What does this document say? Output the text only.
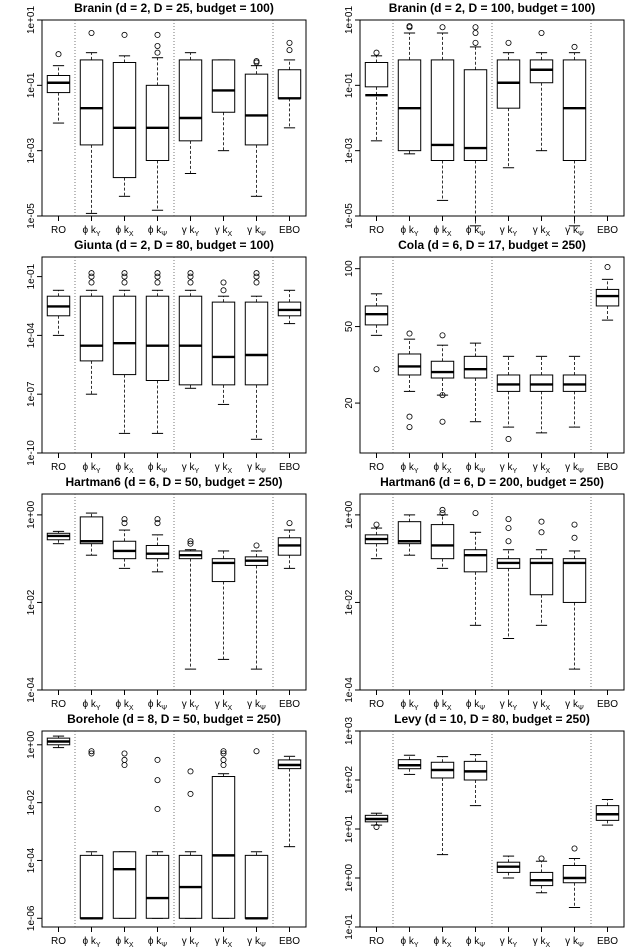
Branin (d = 2, D = 25, budget = 100)
1e-05
1e-03
1e-01
1e+01
RO ϕ $k_Y$ ϕ $k_X$ ϕ $k_\Psi$ γ $k_Y$ γ $k_X$ γ $k_\Psi$ EBO
Branin (d = 2, D = 100, budget = 100)
1e-05
1e-03
1e-01
1e+01
RO ϕ $k_Y$ ϕ $k_X$ ϕ $k_\Psi$ γ $k_Y$ γ $k_X$ γ $k_\Psi$ EBO
Giunta (d = 2, D = 80, budget = 100)
1e-10
1e-07
1e-04
1e-01
RO ϕ $k_Y$ ϕ $k_X$ ϕ $k_\Psi$ γ $k_Y$ γ $k_X$ γ $k_\Psi$ EBO
Cola (d = 6, D = 17, budget = 250)
20
50
100
RO ϕ $k_Y$ ϕ $k_X$ ϕ $k_\Psi$ γ $k_Y$ γ $k_X$ γ $k_\Psi$ EBO
Hartman6 (d = 6, D = 50, budget = 250)
1e-04
1e-02
1e+00
RO ϕ $k_Y$ ϕ $k_X$ ϕ $k_\Psi$ γ $k_Y$ γ $k_X$ γ $k_\Psi$ EBO
Hartman6 (d = 6, D = 200, budget = 250)
1e-04
1e-02
1e+00
RO ϕ $k_Y$ ϕ $k_X$ ϕ $k_\Psi$ γ $k_Y$ γ $k_X$ γ $k_\Psi$ EBO
Borehole (d = 8, D = 50, budget = 250)
1e-06
1e-04
1e-02
1e+00
RO ϕ $k_Y$ ϕ $k_X$ ϕ $k_\Psi$ γ $k_Y$ γ $k_X$ γ $k_\Psi$ EBO
Levy (d = 10, D = 80, budget = 250)
1e-01
1e+00
1e+01
1e+02
1e+03
RO ϕ $k_Y$ ϕ $k_X$ ϕ $k_\Psi$ γ $k_Y$ γ $k_X$ γ $k_\Psi$ EBO
